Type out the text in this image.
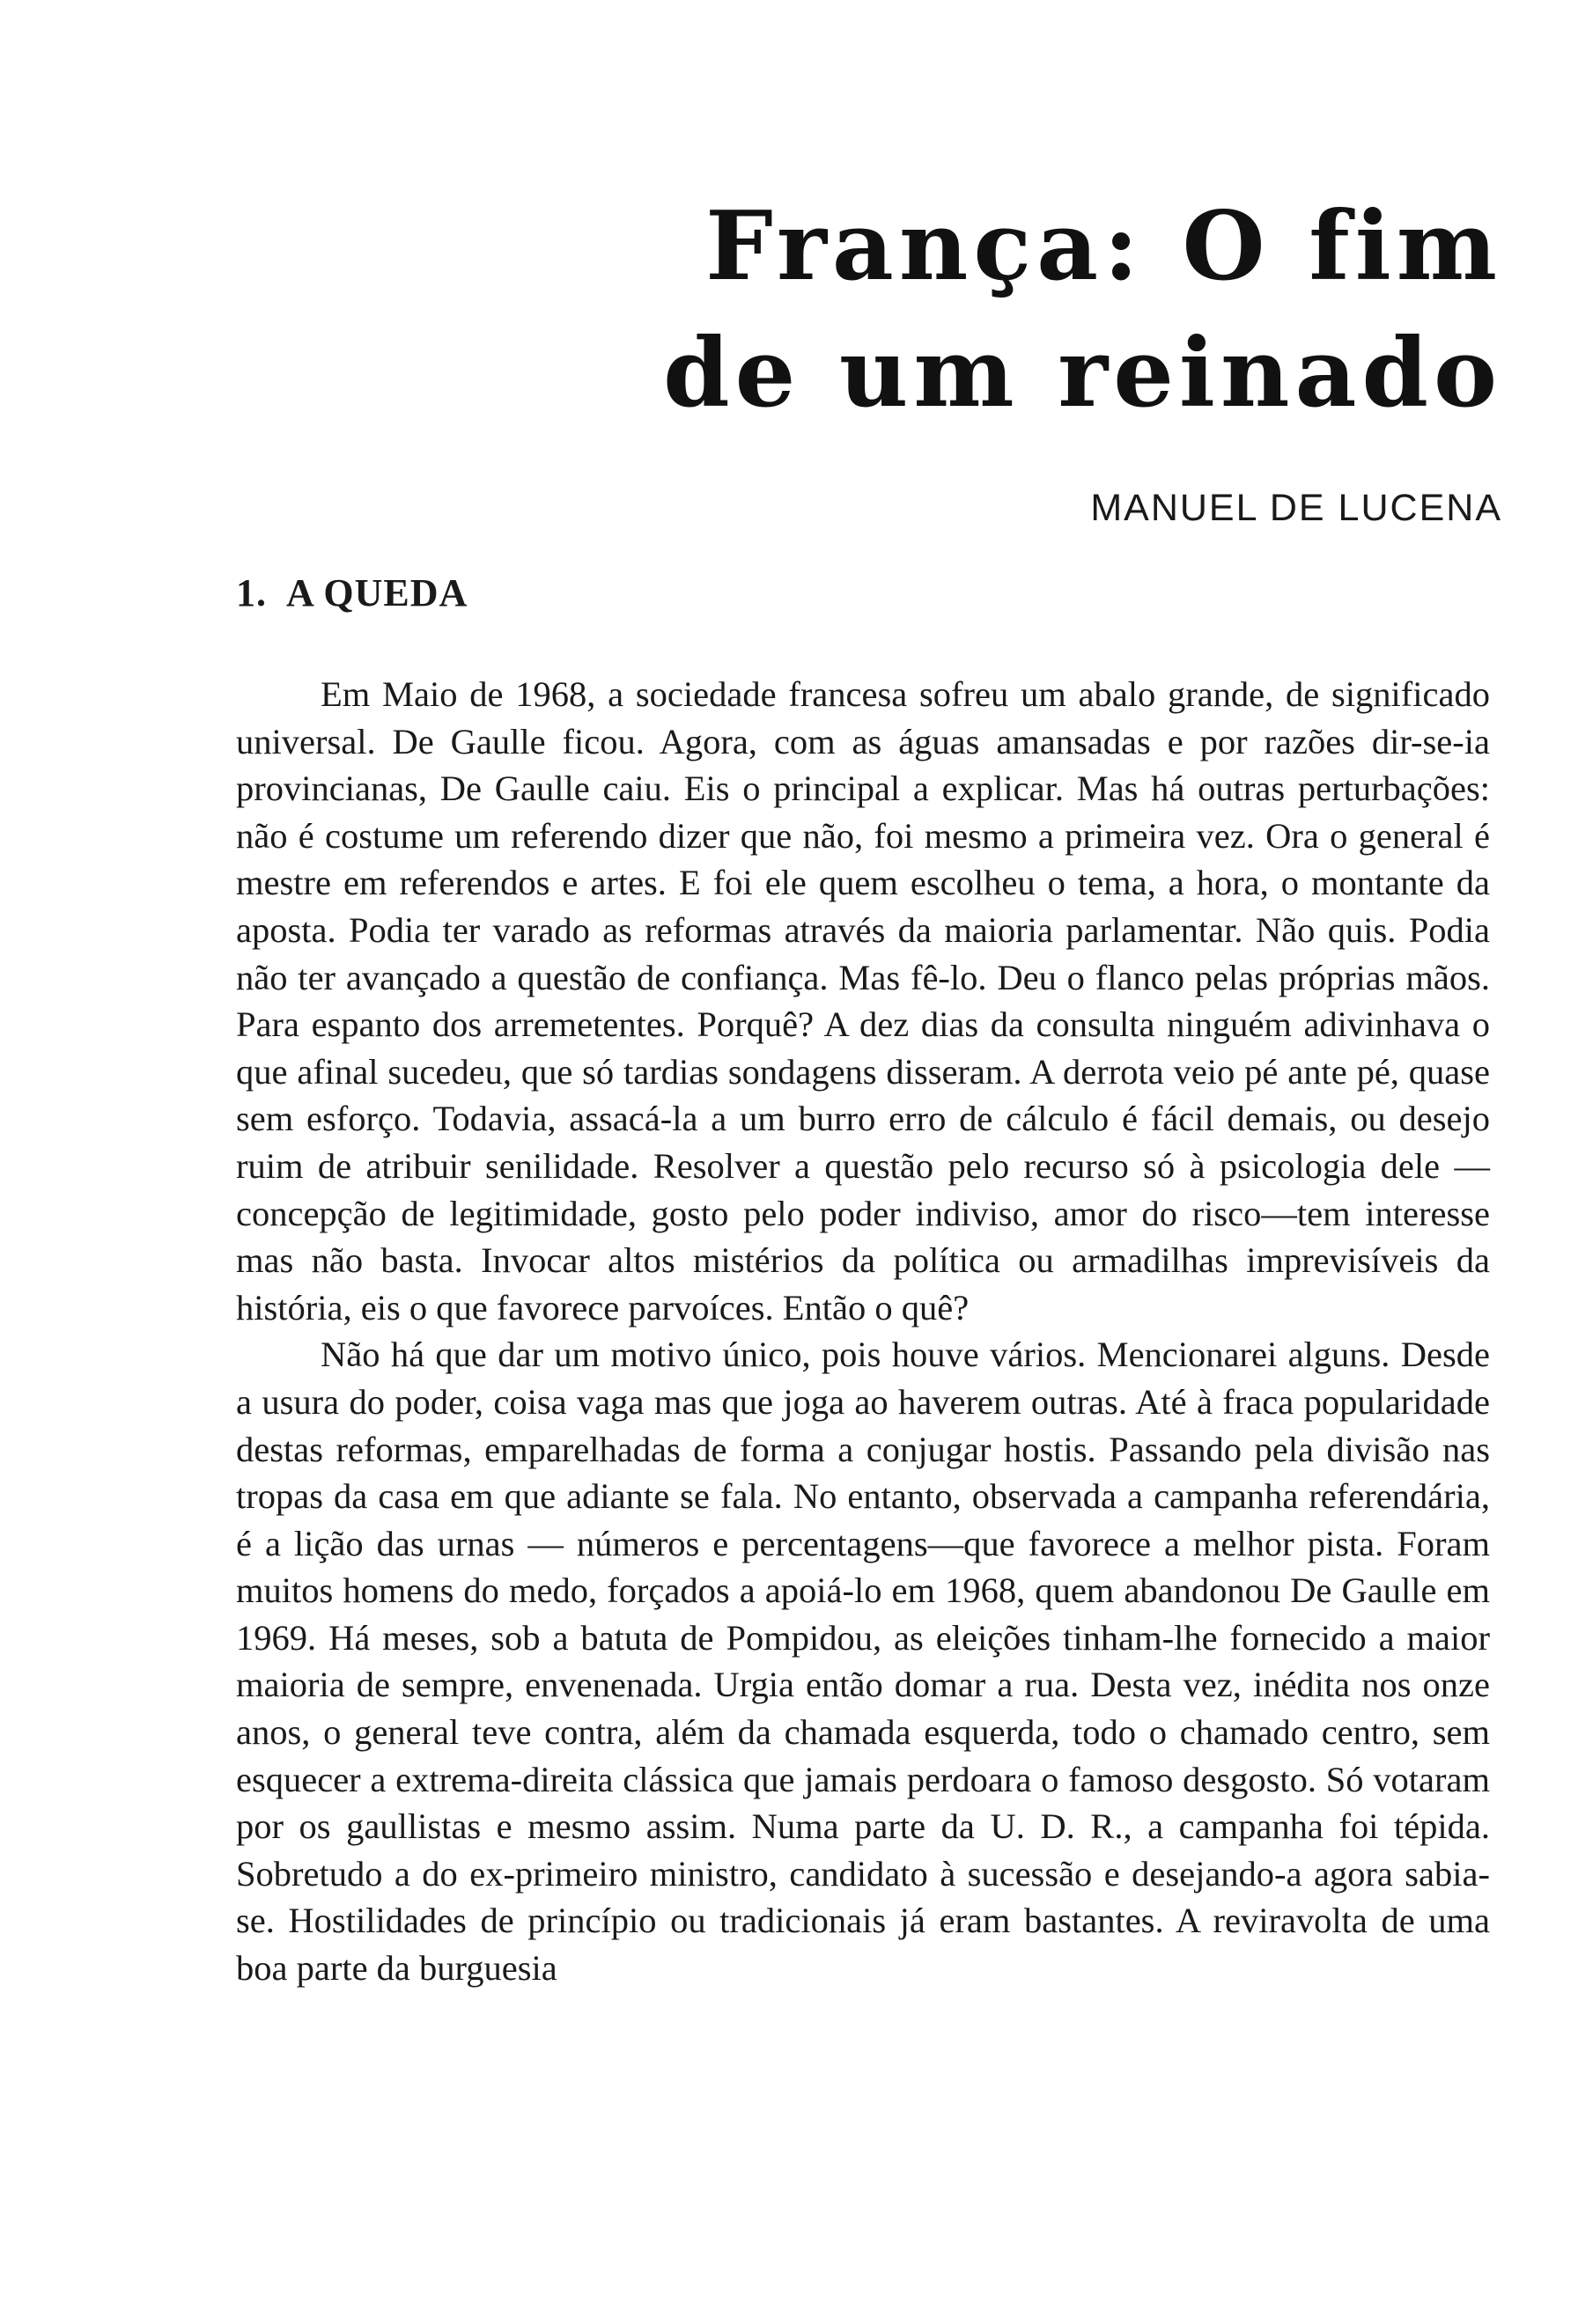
França: O fim
de um reinado

MANUEL DE LUCENA

1. A QUEDA

Em Maio de 1968, a sociedade francesa sofreu um abalo grande, de significado universal. De Gaulle ficou. Agora, com as águas amansadas e por razões dir-se-ia provincianas, De Gaulle caiu. Eis o principal a explicar. Mas há outras perturbações: não é costume um referendo dizer que não, foi mesmo a primeira vez. Ora o general é mestre em referendos e artes. E foi ele quem escolheu o tema, a hora, o montante da aposta. Podia ter varado as reformas através da maioria parlamentar. Não quis. Podia não ter avançado a questão de confiança. Mas fê-lo. Deu o flanco pelas próprias mãos. Para espanto dos arremetentes. Porquê? A dez dias da consulta ninguém adivinhava o que afinal sucedeu, que só tardias sondagens disseram. A derrota veio pé ante pé, quase sem esforço. Todavia, assacá-la a um burro erro de cálculo é fácil demais, ou desejo ruim de atribuir senilidade. Resolver a questão pelo recurso só à psicologia dele — concepção de legitimidade, gosto pelo poder indiviso, amor do risco—tem interesse mas não basta. Invocar altos mistérios da política ou armadilhas imprevisíveis da história, eis o que favorece parvoíces. Então o quê?

Não há que dar um motivo único, pois houve vários. Mencionarei alguns. Desde a usura do poder, coisa vaga mas que joga ao haverem outras. Até à fraca popularidade destas reformas, emparelhadas de forma a conjugar hostis. Passando pela divisão nas tropas da casa em que adiante se fala. No entanto, observada a campanha referendária, é a lição das urnas — números e percentagens—que favorece a melhor pista. Foram muitos homens do medo, forçados a apoiá-lo em 1968, quem abandonou De Gaulle em 1969. Há meses, sob a batuta de Pompidou, as eleições tinham-lhe fornecido a maior maioria de sempre, envenenada. Urgia então domar a rua. Desta vez, inédita nos onze anos, o general teve contra, além da chamada esquerda, todo o chamado centro, sem esquecer a extrema-direita clássica que jamais perdoara o famoso desgosto. Só votaram por os gaullistas e mesmo assim. Numa parte da U. D. R., a campanha foi tépida. Sobretudo a do ex-primeiro ministro, candidato à sucessão e desejando-a agora sabia-se. Hostilidades de princípio ou tradicionais já eram bastantes. A reviravolta de uma boa parte da burguesia
